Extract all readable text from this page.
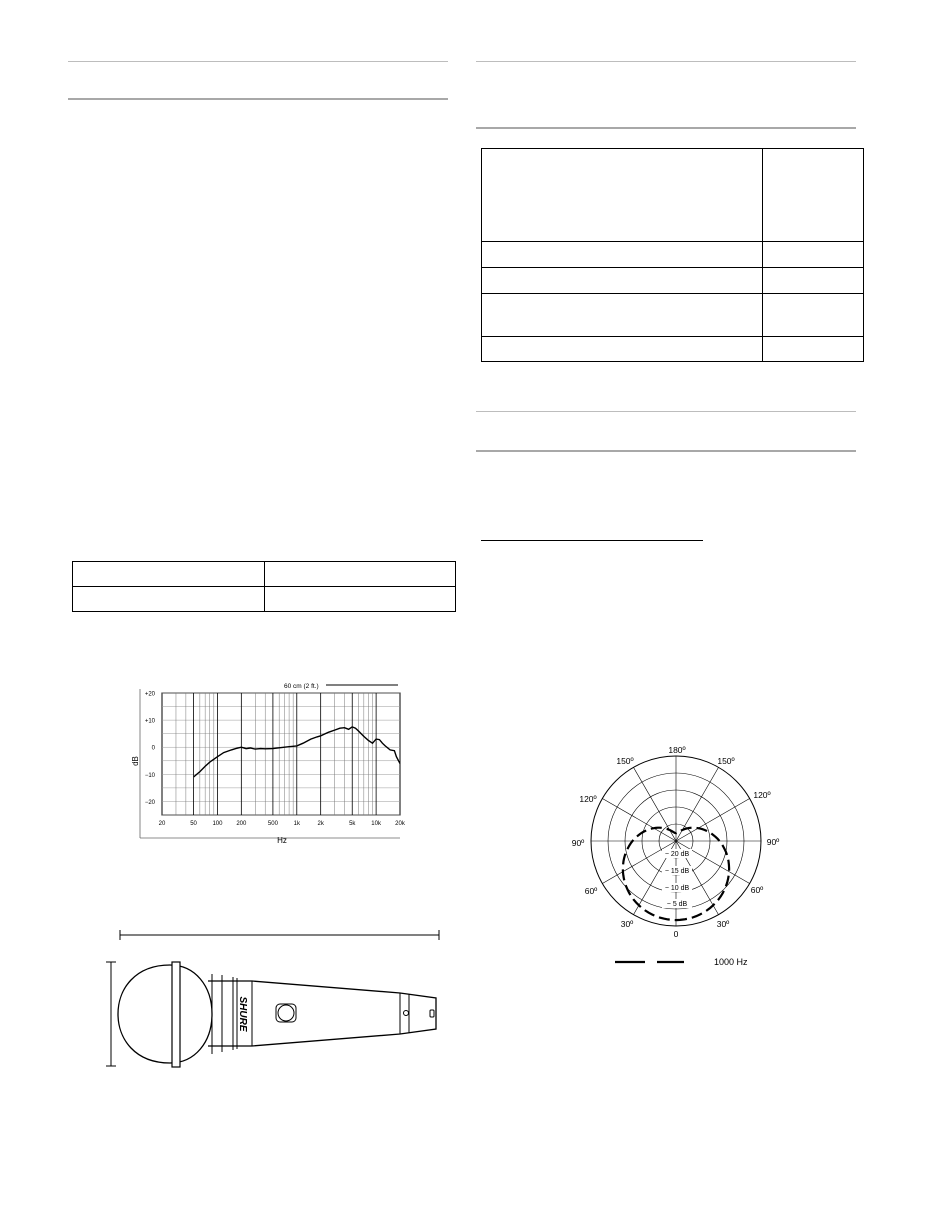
+20
+10
0
−10
−20
20	50	100 200	500	1k	2k	5k	10k 20k
dB
Hz
60 cm (2 ft.)
SHURE

180º
150º	150º
120º	120º
90º	90º
60º	60º
30º	30º
0
− 20 dB
− 15 dB
− 10 dB
− 5 dB
1000 Hz
